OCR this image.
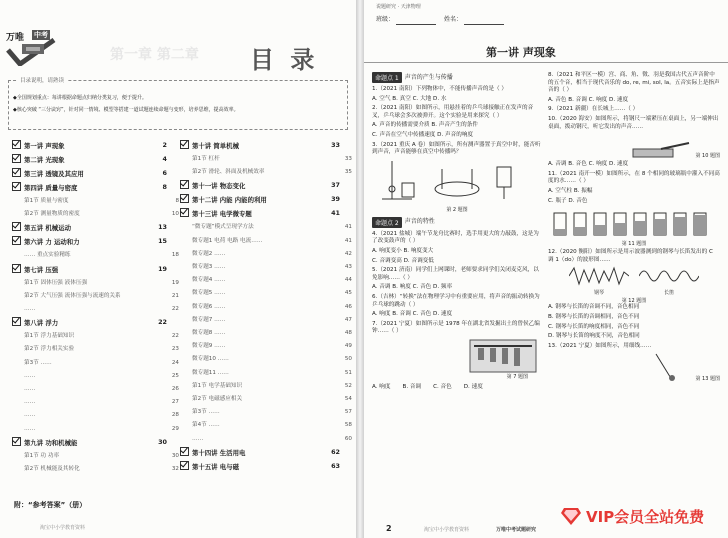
万唯 中考
第一章 第二章 目 录
目录说明，请熟读
◆全国规划重点：每讲根据命题点归纳分类复习，便于提升。
◆核心突破 “三分诀窍”，针对同一情境、模型等搭建一道试题连续命题与变形，培养思维，提高效率。
第一讲 声现象	2
第二讲 光现象	4
第三讲 透镜及其应用	6
第四讲 质量与密度	8
第1节 质量与密度	8
第2节 测量物质的密度	10
第五讲 机械运动	13
第六讲 力 运动和力	15
…… 重点实验精练	18
第七讲 压强	19
第1节 固体压强 液体压强	19
第2节 大气压强 流体压强与流速的关系	21
……	22
第八讲 浮力	22
第1节 浮力基础知识	22
第2节 浮力相关实验	23
第3节 ……	24
……	25
……	26
……	27
……	28
……	29
第九讲 功和机械能	30
第1节 功 功率	30
第2节 机械能及其转化	32
第十讲 简单机械	33
第1节 杠杆	33
第2节 滑轮、斜面及机械效率	35
第十一讲 物态变化	37
第十二讲 内能 内能的利用	39
第十三讲 电学微专题	41
“微专题”模式呈现学方法	41
微专题1 电荷 电路 电流……	41
微专题2 ……	42
微专题3 ……	43
微专题4 ……	44
微专题5 ……	45
微专题6 ……	46
微专题7 ……	47
微专题8 ……	48
微专题9 ……	49
微专题10 ……	50
微专题11 ……	51
第1节 电学基础知识	52
第2节 电磁感应相关	54
第3节 ……	57
第4节 ……	58
……	60
第十四讲 生活用电	62
第十五讲 电与磁	63
附：“参考答案”（册）
淘宝中小学教育资料
说题研究 · 天津物理
班级：	姓名：
第一讲 声现象
命题点 1	声音的产生与传播
1.（2021 南阳）下列物体中，不能传播声音的是（ ）
A. 空气 B. 真空 C. 大地 D. 水
2.（2021 南阳）如图所示，用悬挂着的乒乓球接触正在发声的音叉，乒乓球会多次被弹开。这个实验是用来探究（ ）
A. 声音的传播需要介质 B. 声音产生的条件
C. 声音在空气中传播速度 D. 声音的响度
3.（2021 重庆 A 卷）如图所示，所有测声器置于真空中时，能否听到声音，声音能够在真空中传播吗？
第 2 题图
命题点 2	声音的特性
4.（2021 盐城）端午节龙舟比赛时，选手用更大的力敲鼓，这是为了改变鼓声的（ ）
A. 响度变小 B. 响度变大
C. 音调变高 D. 音调变低
5.（2021 济南）同学们上网课时，老师要求同学们关闭麦克风，以免影响……（ ）
A. 音调 B. 响度 C. 音色 D. 频率
6.（吉林）“转换”法在物理学习中有重要应用，将声音的振动转换为乒乓球的跳动（ ）
A. 响度 B. 音调 C. 音色 D. 速度
7.（2021 宁夏）如图所示是 1978 年在湖北省发掘出土的曾侯乙编钟……（ ）
第 7 题图
A. 响度 B. 音调 C. 音色 D. 速度
8.（2021 和平区一模）宫、商、角、徵、羽是我国古代五声音阶中的五个音，相当于现代音乐的 do, re, mi, sol, la。五音实际上是指声音的（ ）
A. 音色 B. 音调 C. 响度 D. 速度
9.（2021 新疆）在长城上……（ ）
10.（2020 海安）如图所示，将钢尺一端紧压在桌面上，另一端伸出桌面，拨动钢尺，听它发出的声音……
第 10 题图
A. 音调 B. 音色 C. 响度 D. 速度
11.（2021 南开一模）如图所示，在 8 个相同的玻璃瓶中灌入不同高度的水……（ ）
A. 空气柱 B. 振幅
C. 瓶子 D. 音色
第 11 题图
12.（2020 衡阳）如图所示是用示波器测到的钢琴与长笛发出的 C 调 1（do）的波形图……
钢琴	长笛
第 12 题图
A. 钢琴与长笛的音调不同，音色相同
B. 钢琴与长笛的音调相同，音色不同
C. 钢琴与长笛的响度相同，音色不同
D. 钢琴与长笛的响度不同，音色相同
13.（2021 宁夏）如图所示，用细线……
第 13 题图
2	淘宝中小学教育资料	万唯中考试题研究
VIP会员全站免费
